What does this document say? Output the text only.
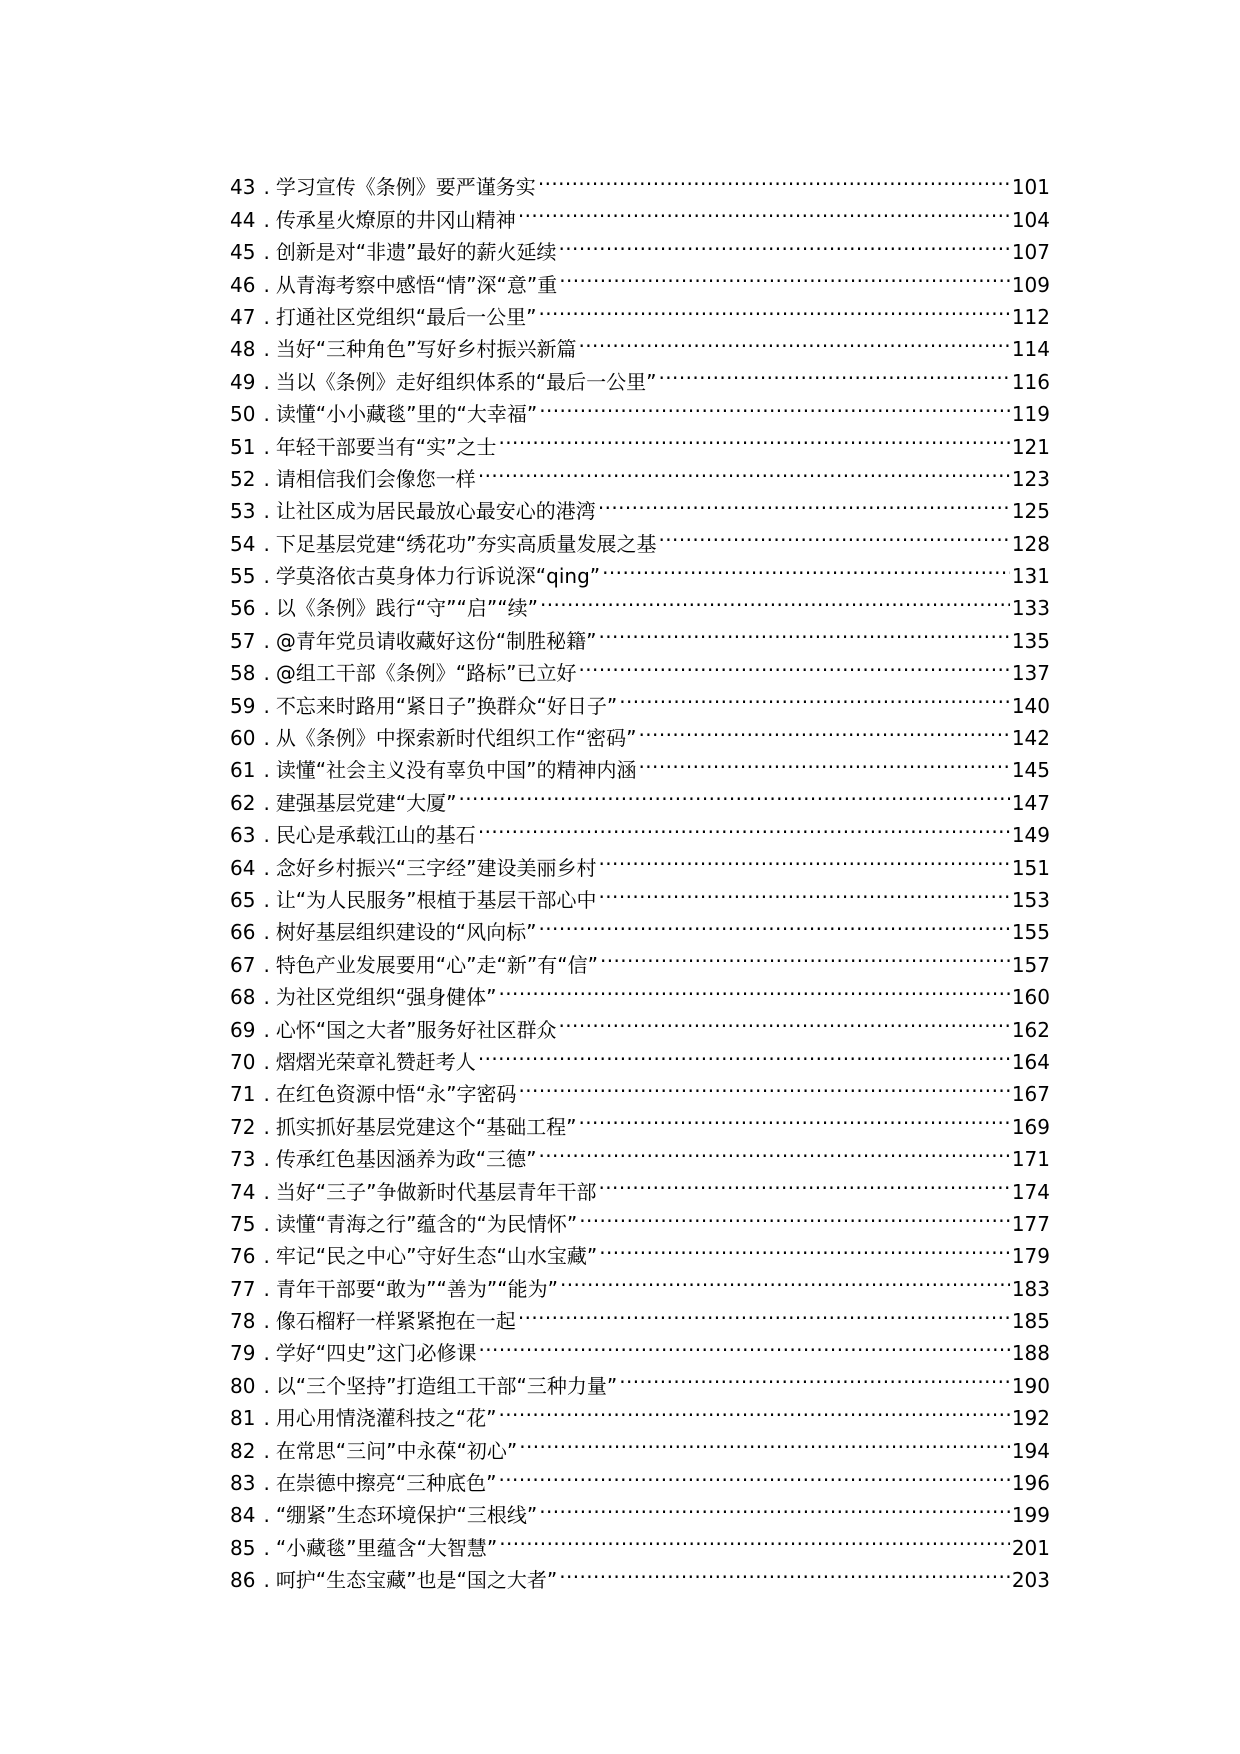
43 . 学习宣传《条例》要严谨务实 .....	101
44 . 传承星火燎原的井冈山精神 .....	104
45 . 创新是对“非遗”最好的薪火延续 .....	107
46 . 从青海考察中感悟“情”深“意”重 .....	109
47 . 打通社区党组织“最后一公里” .....	112
48 . 当好“三种角色”写好乡村振兴新篇 .....	114
49 . 当以《条例》走好组织体系的“最后一公里” .....	116
50 . 读懂“小小藏毯”里的“大幸福” .....	119
51 . 年轻干部要当有“实”之士 .....	121
52 . 请相信我们会像您一样 .....	123
53 . 让社区成为居民最放心最安心的港湾 .....	125
54 . 下足基层党建“绣花功”夯实高质量发展之基 .....	128
55 . 学莫洛依古莫身体力行诉说深“qing” .....	131
56 . 以《条例》践行“守”“启”“续” .....	133
57 . @青年党员请收藏好这份“制胜秘籍” .....	135
58 . @组工干部《条例》“路标”已立好 .....	137
59 . 不忘来时路用“紧日子”换群众“好日子” .....	140
60 . 从《条例》中探索新时代组织工作“密码” .....	142
61 . 读懂“社会主义没有辜负中国”的精神内涵 .....	145
62 . 建强基层党建“大厦” .....	147
63 . 民心是承载江山的基石 .....	149
64 . 念好乡村振兴“三字经”建设美丽乡村 .....	151
65 . 让“为人民服务”根植于基层干部心中 .....	153
66 . 树好基层组织建设的“风向标” .....	155
67 . 特色产业发展要用“心”走“新”有“信” .....	157
68 . 为社区党组织“强身健体” .....	160
69 . 心怀“国之大者”服务好社区群众 .....	162
70 . 熠熠光荣章礼赞赶考人 .....	164
71 . 在红色资源中悟“永”字密码 .....	167
72 . 抓实抓好基层党建这个“基础工程” .....	169
73 . 传承红色基因涵养为政“三德” .....	171
74 . 当好“三子”争做新时代基层青年干部 .....	174
75 . 读懂“青海之行”蕴含的“为民情怀” .....	177
76 . 牢记“民之中心”守好生态“山水宝藏” .....	179
77 . 青年干部要“敢为”“善为”“能为” .....	183
78 . 像石榴籽一样紧紧抱在一起 .....	185
79 . 学好“四史”这门必修课 .....	188
80 . 以“三个坚持”打造组工干部“三种力量” .....	190
81 . 用心用情浇灌科技之“花” .....	192
82 . 在常思“三问”中永葆“初心” .....	194
83 . 在崇德中擦亮“三种底色” .....	196
84 . “绷紧”生态环境保护“三根线” .....	199
85 . “小藏毯”里蕴含“大智慧” .....	201
86 . 呵护“生态宝藏”也是“国之大者” .....	203
